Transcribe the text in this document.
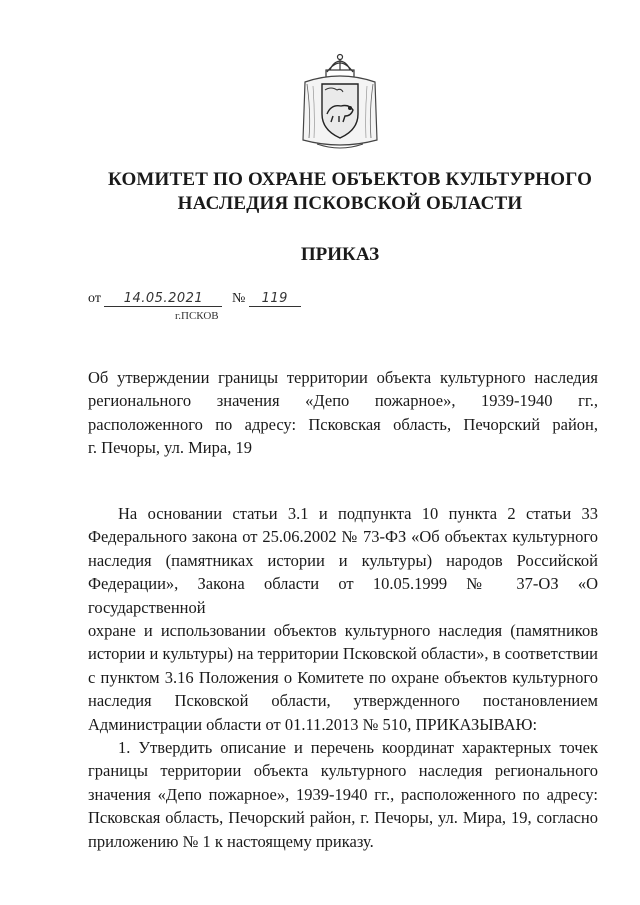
КОМИТЕТ ПО ОХРАНЕ ОБЪЕКТОВ КУЛЬТУРНОГО
НАСЛЕДИЯ ПСКОВСКОЙ ОБЛАСТИ
ПРИКАЗ
от 14.05.2021 № 119
г.ПСКОВ
Об утверждении границы территории объекта культурного наследия
регионального значения «Депо пожарное», 1939-1940 гг.,
расположенного по адресу: Псковская область, Печорский район,
г. Печоры, ул. Мира, 19
На основании статьи 3.1 и подпункта 10 пункта 2 статьи 33
Федерального закона от 25.06.2002 № 73-ФЗ «Об объектах культурного
наследия (памятниках истории и культуры) народов Российской
Федерации», Закона области от 10.05.1999 № 37-ОЗ «О государственной
охране и использовании объектов культурного наследия (памятников
истории и культуры) на территории Псковской области», в соответствии
с пунктом 3.16 Положения о Комитете по охране объектов культурного
наследия Псковской области, утвержденного постановлением
Администрации области от 01.11.2013 № 510, ПРИКАЗЫВАЮ:
1. Утвердить описание и перечень координат характерных точек
границы территории объекта культурного наследия регионального
значения «Депо пожарное», 1939-1940 гг., расположенного по адресу:
Псковская область, Печорский район, г. Печоры, ул. Мира, 19, согласно
приложению № 1 к настоящему приказу.
